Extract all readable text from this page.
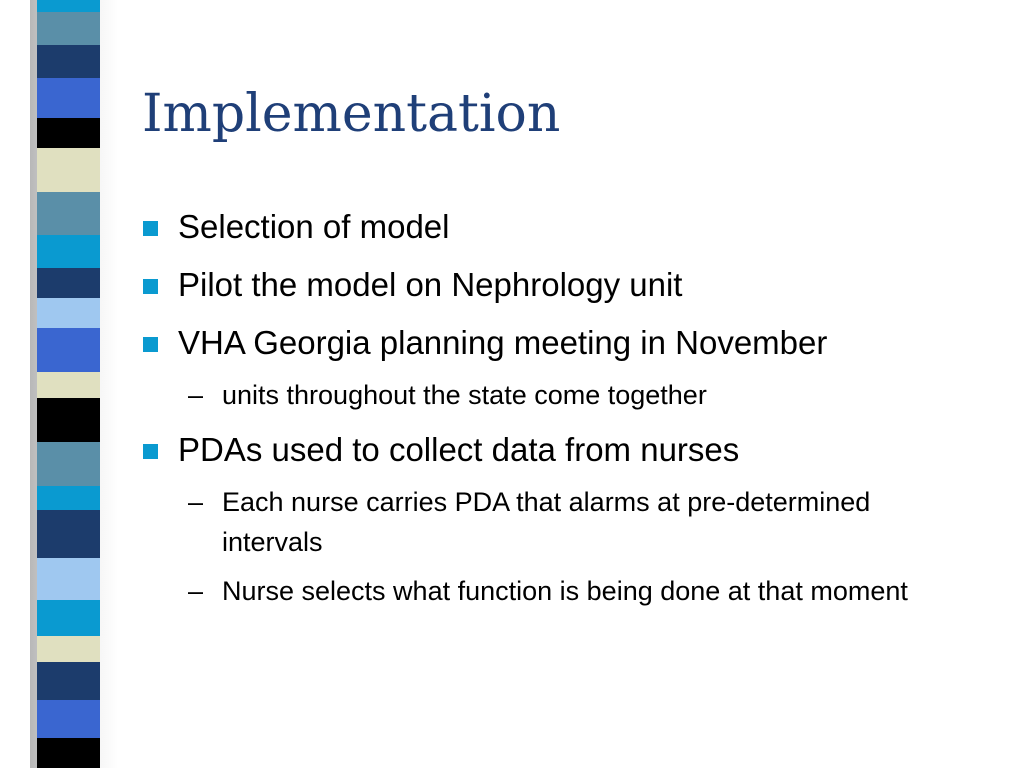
Implementation
Selection of model
Pilot the model on Nephrology unit
VHA Georgia planning meeting in November
– units throughout the state come together
PDAs used to collect data from nurses
– Each nurse carries PDA that alarms at pre-determined intervals
– Nurse selects what function is being done at that moment
